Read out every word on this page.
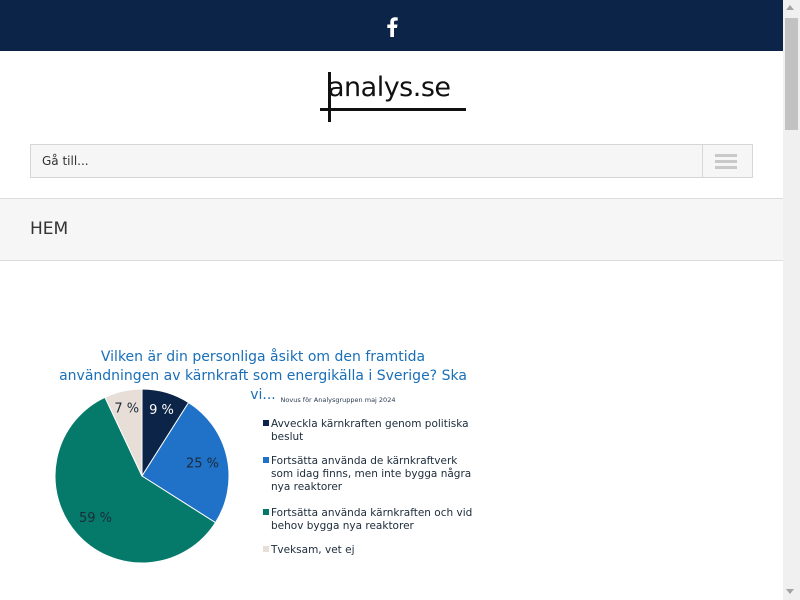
analys.se
Gå till...
HEM
Vilken är din personliga åsikt om den framtida användningen av kärnkraft som energikälla i Sverige? Ska vi...
9 %
25 %
59 %
7 %
Novus för Analysgruppen maj 2024
Avveckla kärnkraften genom politiska beslut
Fortsätta använda de kärnkraftverk som idag finns, men inte bygga några nya reaktorer
Fortsätta använda kärnkraften och vid behov bygga nya reaktorer
Tveksam, vet ej
